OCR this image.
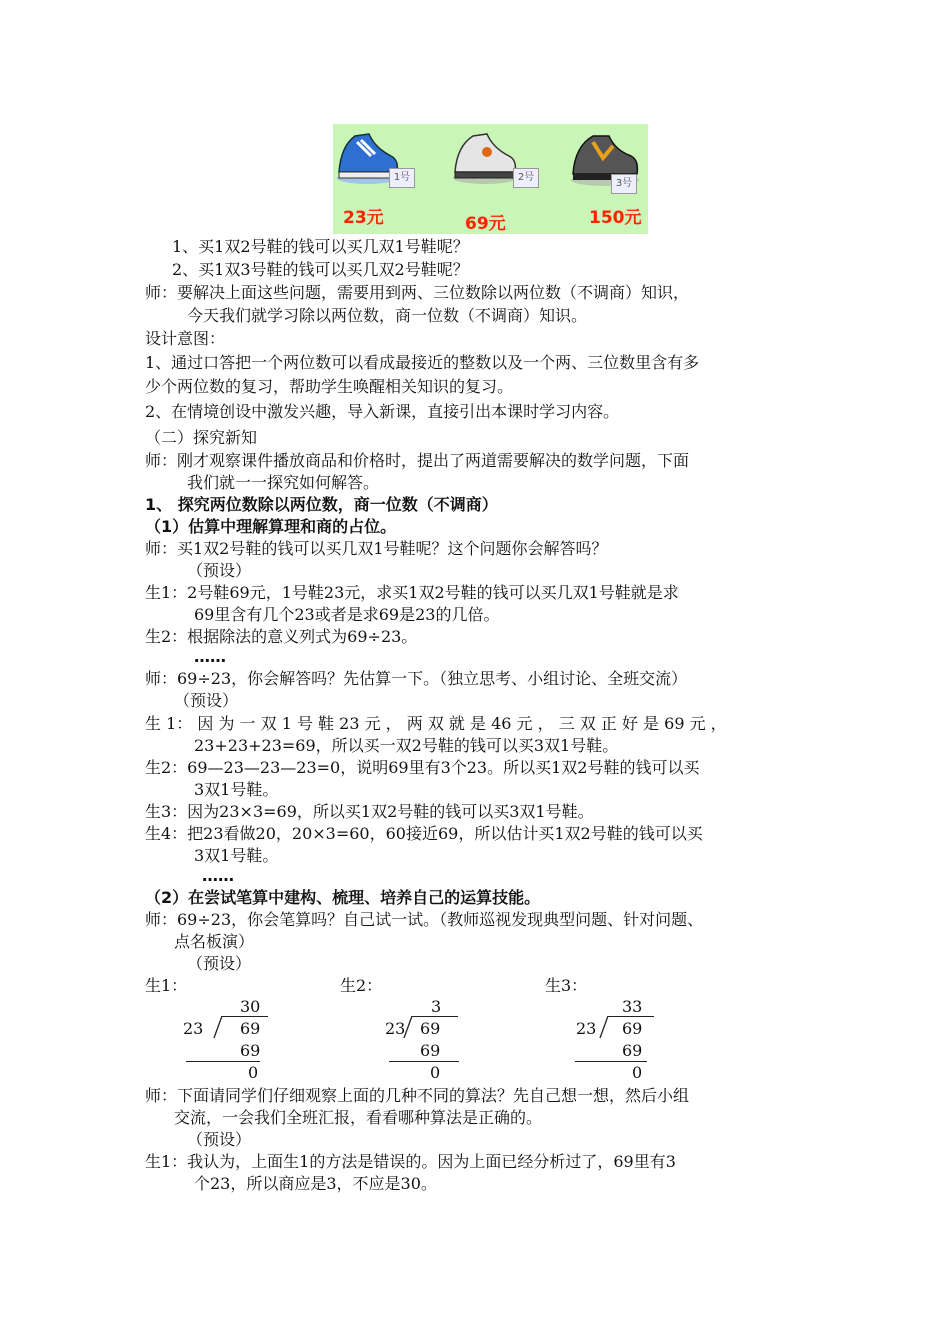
1号	2号
3号
23元	69元	150元
1、买1双2号鞋的钱可以买几双1号鞋呢？
2、买1双3号鞋的钱可以买几双2号鞋呢？
师：要解决上面这些问题，需要用到两、三位数除以两位数（不调商）知识，
今天我们就学习除以两位数，商一位数（不调商）知识。
设计意图：
1、通过口答把一个两位数可以看成最接近的整数以及一个两、三位数里含有多
少个两位数的复习，帮助学生唤醒相关知识的复习。
2、在情境创设中激发兴趣，导入新课，直接引出本课时学习内容。
（二）探究新知
师：刚才观察课件播放商品和价格时，提出了两道需要解决的数学问题，下面
我们就一一探究如何解答。
1、 探究两位数除以两位数，商一位数（不调商）
（1）估算中理解算理和商的占位。
师：买1双2号鞋的钱可以买几双1号鞋呢？这个问题你会解答吗？
（预设）
生1：2号鞋69元，1号鞋23元，求买1双2号鞋的钱可以买几双1号鞋就是求
69里含有几个23或者是求69是23的几倍。
生2：根据除法的意义列式为69÷23。
……
师：69÷23，你会解答吗？先估算一下。（独立思考、小组讨论、全班交流）
（预设）
生 1： 因 为 一 双 1 号 鞋 23 元 ， 两 双 就 是 46 元 ， 三 双 正 好 是 69 元 ，
23+23+23=69，所以买一双2号鞋的钱可以买3双1号鞋。
生2：69—23—23—23=0，说明69里有3个23。所以买1双2号鞋的钱可以买
3双1号鞋。
生3：因为23×3=69，所以买1双2号鞋的钱可以买3双1号鞋。
生4：把23看做20，20×3=60，60接近69，所以估计买1双2号鞋的钱可以买
3双1号鞋。
……
（2）在尝试笔算中建构、梳理、培养自己的运算技能。
师：69÷23，你会笔算吗？自己试一试。（教师巡视发现典型问题、针对问题、
点名板演）
（预设）
生1：	生2：	生3：
30
23 69
69
0
3
23 69
69
0
33
23 69
69
0
师：下面请同学们仔细观察上面的几种不同的算法？先自己想一想，然后小组
交流，一会我们全班汇报，看看哪种算法是正确的。
（预设）
生1：我认为，上面生1的方法是错误的。因为上面已经分析过了，69里有3
个23，所以商应是3，不应是30。
